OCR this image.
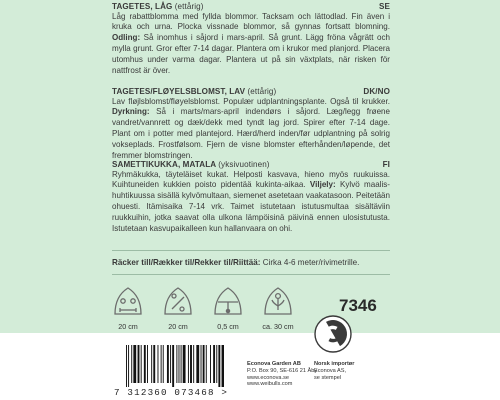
TAGETES, LÅG (ettårig)	SE
Låg rabattblomma med fyllda blommor. Tacksam och lättodlad. Fin även i kruka och urna. Plocka vissnade blommor, så gynnas fortsatt blomning. Odling: Så inomhus i såjord i mars-april. Så grunt. Lägg fröna vågrätt och mylla grunt. Gror efter 7-14 dagar. Plantera om i krukor med planjord. Placera utomhus under varma dagar. Plantera ut på sin växtplats, när risken för nattfrost är över.
TAGETES/FLØYELSBLOMST, LAV (ettårig)	DK/NO
Lav fløjlsblomst/fløyelsblomst. Populær udplantningsplante. Også til krukker. Dyrkning: Så i marts/mars-april indendørs i såjord. Læg/legg frøene vandret/vannrett og dæk/dekk med tyndt lag jord. Spirer efter 7-14 dage. Plant om i potter med plantejord. Hærd/herd inden/før udplantning på solrig vokseplads. Frostfølsom. Fjern de visne blomster efterhånden/løpende, det fremmer blomstringen.
SAMETTIKUKKA, MATALA (yksivuotinen)	FI
Ryhmäkukka, täyteläiset kukat. Helposti kasvava, hieno myös ruukuissa. Kuihtuneiden kukkien poisto pidentää kukinta-aikaa. Viljely: Kylvö maalis-huhtikuussa sisällä kylvömultaan, siemenet asetetaan vaakatasoon. Peitetään ohuesti. Itämisaika 7-14 vrk. Taimet istutetaan istutusmultaa sisältäviin ruukkuihin, jotka saavat olla ulkona lämpöisinä päivinä ennen ulosistutusta. Istutetaan kasvupaikalleen kun hallanvaara on ohi.
Räcker till/Rækker til/Rekker til/Riittää: Cirka 4-6 meter/rivimetrille.
20 cm	20 cm	0,5 cm	ca. 30 cm
7346
7 312360 073468 >
Econova Garden AB
P.O. Box 90, SE-616 21 Åby
www.econova.se
www.weibulls.com
Norsk importør
Econova AS,
se stempel
